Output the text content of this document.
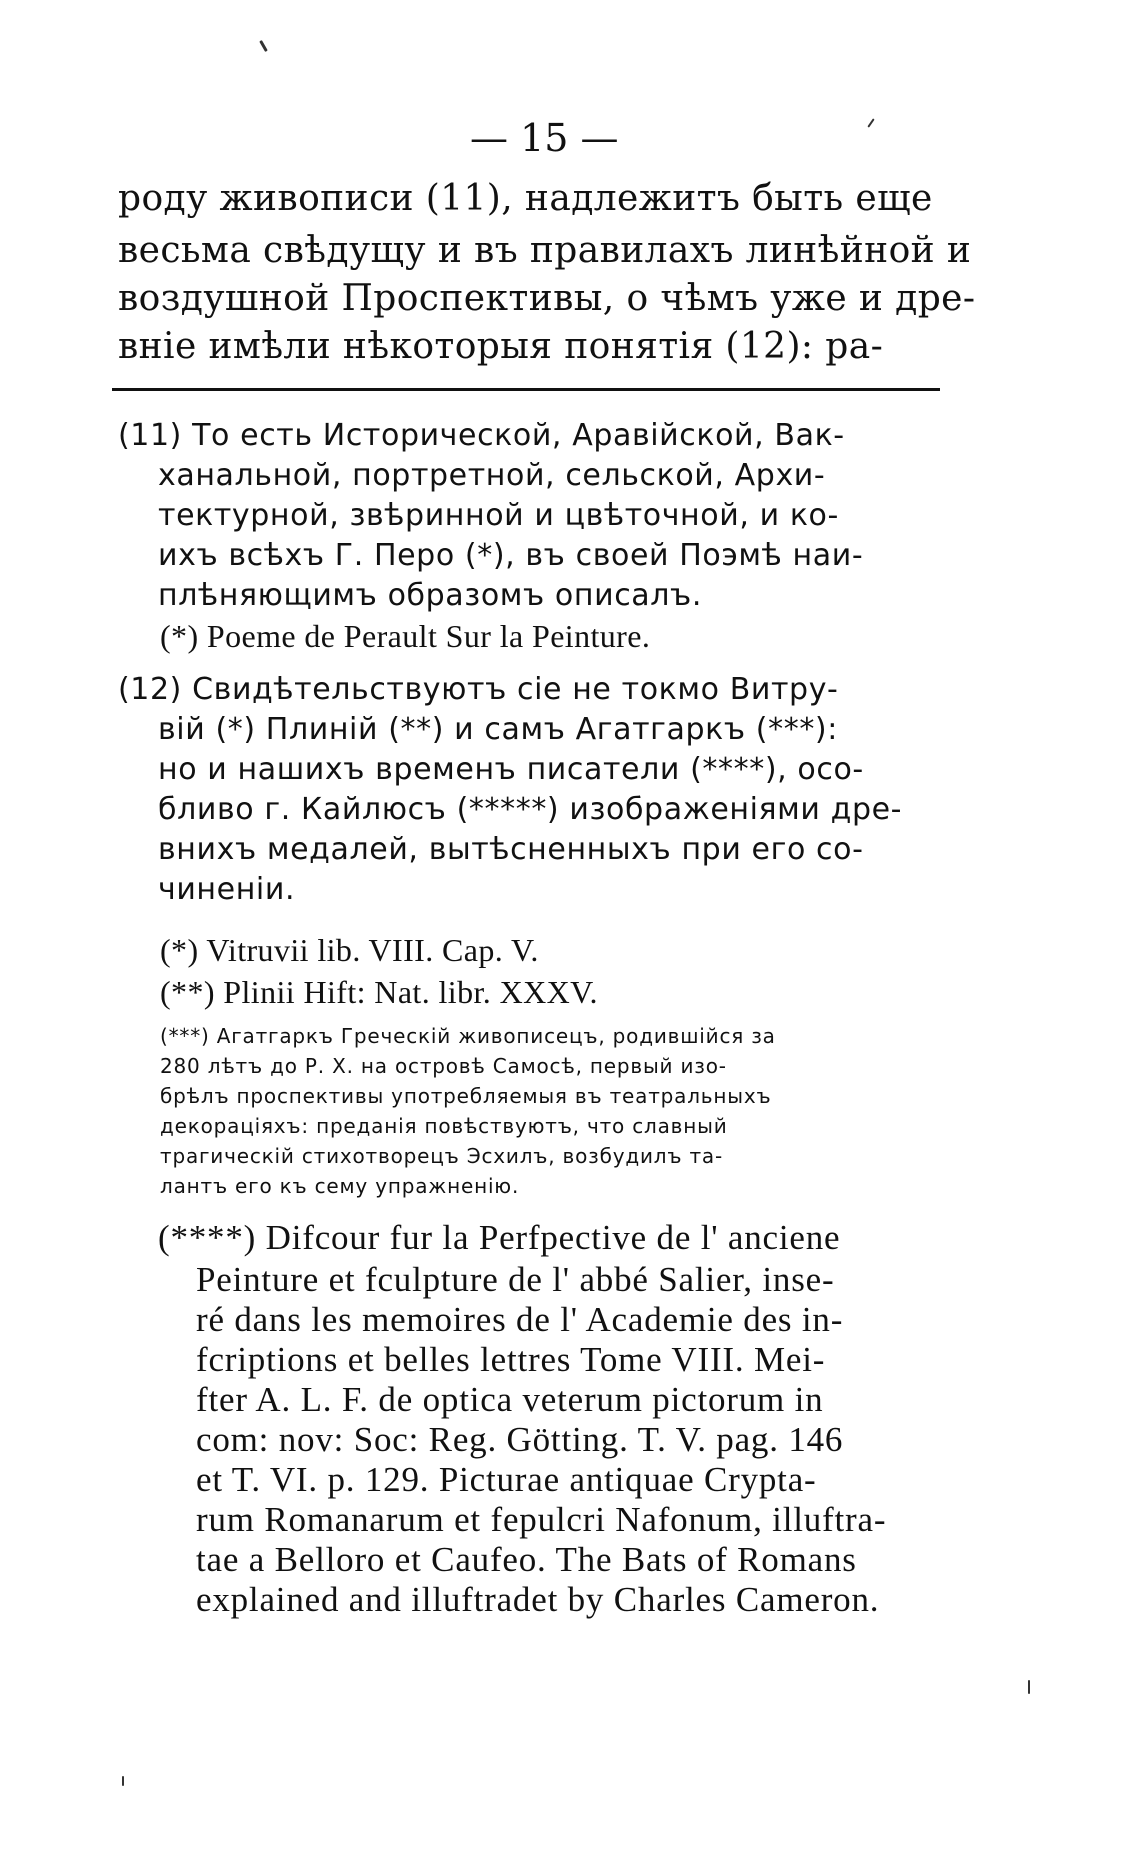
— 15 —
роду живописи (11), надлежитъ быть еще
весьма свѣдущу и въ правилахъ линѣйной и
воздушной Проспективы, о чѣмъ уже и дре-
вніе имѣли нѣкоторыя понятія (12): ра-
(11) То есть Исторической, Аравійской, Вак-
ханальной, портретной, сельской, Архи-
тектурной, звѣринной и цвѣточной, и ко-
ихъ всѣхъ Г. Перо (*), въ своей Поэмѣ наи-
плѣняющимъ образомъ описалъ.
(*) Poeme de Perault Sur la Peinture.
(12) Свидѣтельствуютъ сіе не токмо Витру-
вій (*) Плиній (**) и самъ Агатгаркъ (***):
но и нашихъ временъ писатели (****), осо-
бливо г. Кайлюсъ (*****) изображеніями дре-
внихъ медалей, вытѣсненныхъ при его со-
чиненіи.
(*) Vitruvii lib. VIII. Cap. V.
(**) Plinii Hift: Nat. libr. XXXV.
(***) Агатгаркъ Греческій живописецъ, родившійся за
280 лѣтъ до Р. Х. на островѣ Самосѣ, первый изо-
брѣлъ проспективы употребляемыя въ театральныхъ
декораціяхъ: преданія повѣствуютъ, что славный
трагическій стихотворецъ Эсхилъ, возбудилъ та-
лантъ его къ сему упражненію.
(****) Difcour fur la Perfpective de l' anciene
Peinture et fculpture de l' abbé Salier, inse-
ré dans les memoires de l' Academie des in-
fcriptions et belles lettres Tome VIII. Mei-
fter A. L. F. de optica veterum pictorum in
com: nov: Soc: Reg. Götting. T. V. pag. 146
et T. VI. p. 129. Picturae antiquae Crypta-
rum Romanarum et fepulcri Nafonum, illuftra-
tae a Belloro et Caufeo. The Bats of Romans
explained and illuftradet by Charles Cameron.
